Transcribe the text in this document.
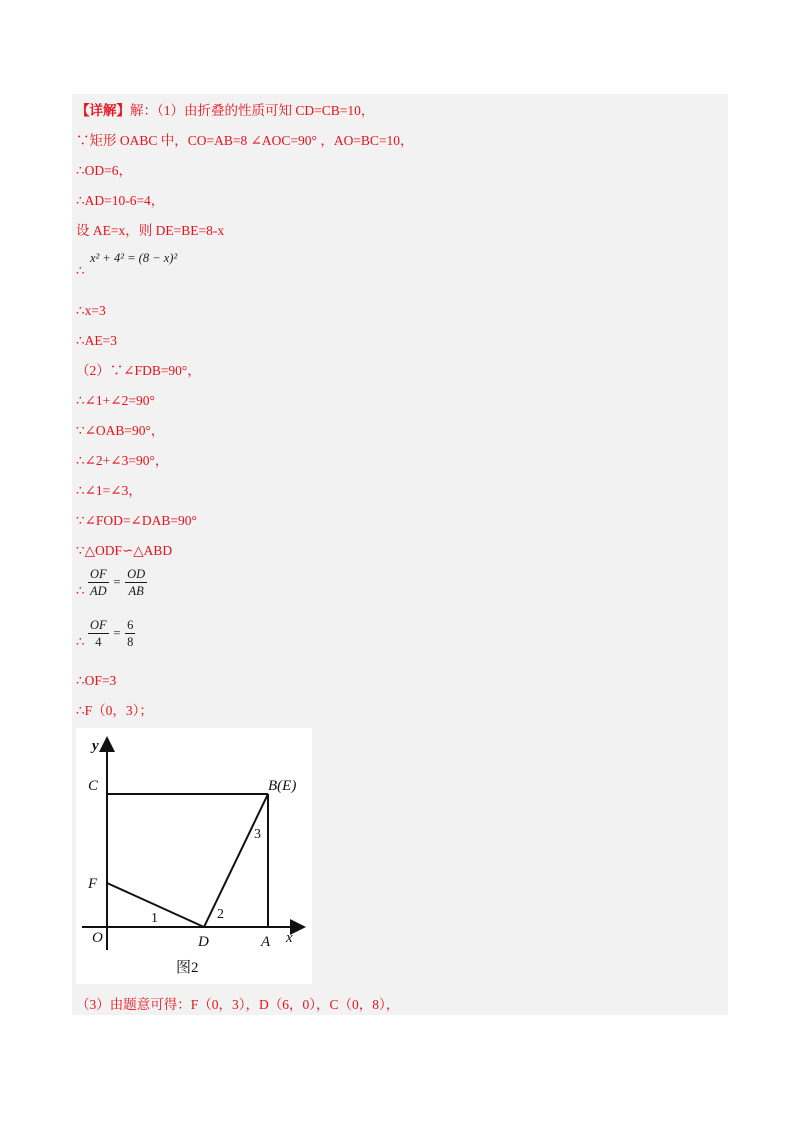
【详解】解：（1）由折叠的性质可知 CD=CB=10，
∵矩形 OABC 中，CO=AB=8 ∠AOC=90° ，AO=BC=10，
∴OD=6，
∴AD=10-6=4，
设 AE=x，则 DE=BE=8-x
∴
x² + 4² = (8 − x)²
∴x=3
∴AE=3
（2）∵∠FDB=90°，
∴∠1+∠2=90°
∵∠OAB=90°，
∴∠2+∠3=90°，
∴∠1=∠3，
∵∠FOD=∠DAB=90°
∵△ODF∽△ABD
∴ $\frac{OF}{AD} = \frac{OD}{AB}$
∴ $\frac{OF}{4} = \frac{6}{8}$
∴OF=3
∴F（0，3）；
y
x
C	B(E)
F
O	D	A
1	2
3
图2
（3）由题意可得：F（0，3），D（6，0），C（0，8），
